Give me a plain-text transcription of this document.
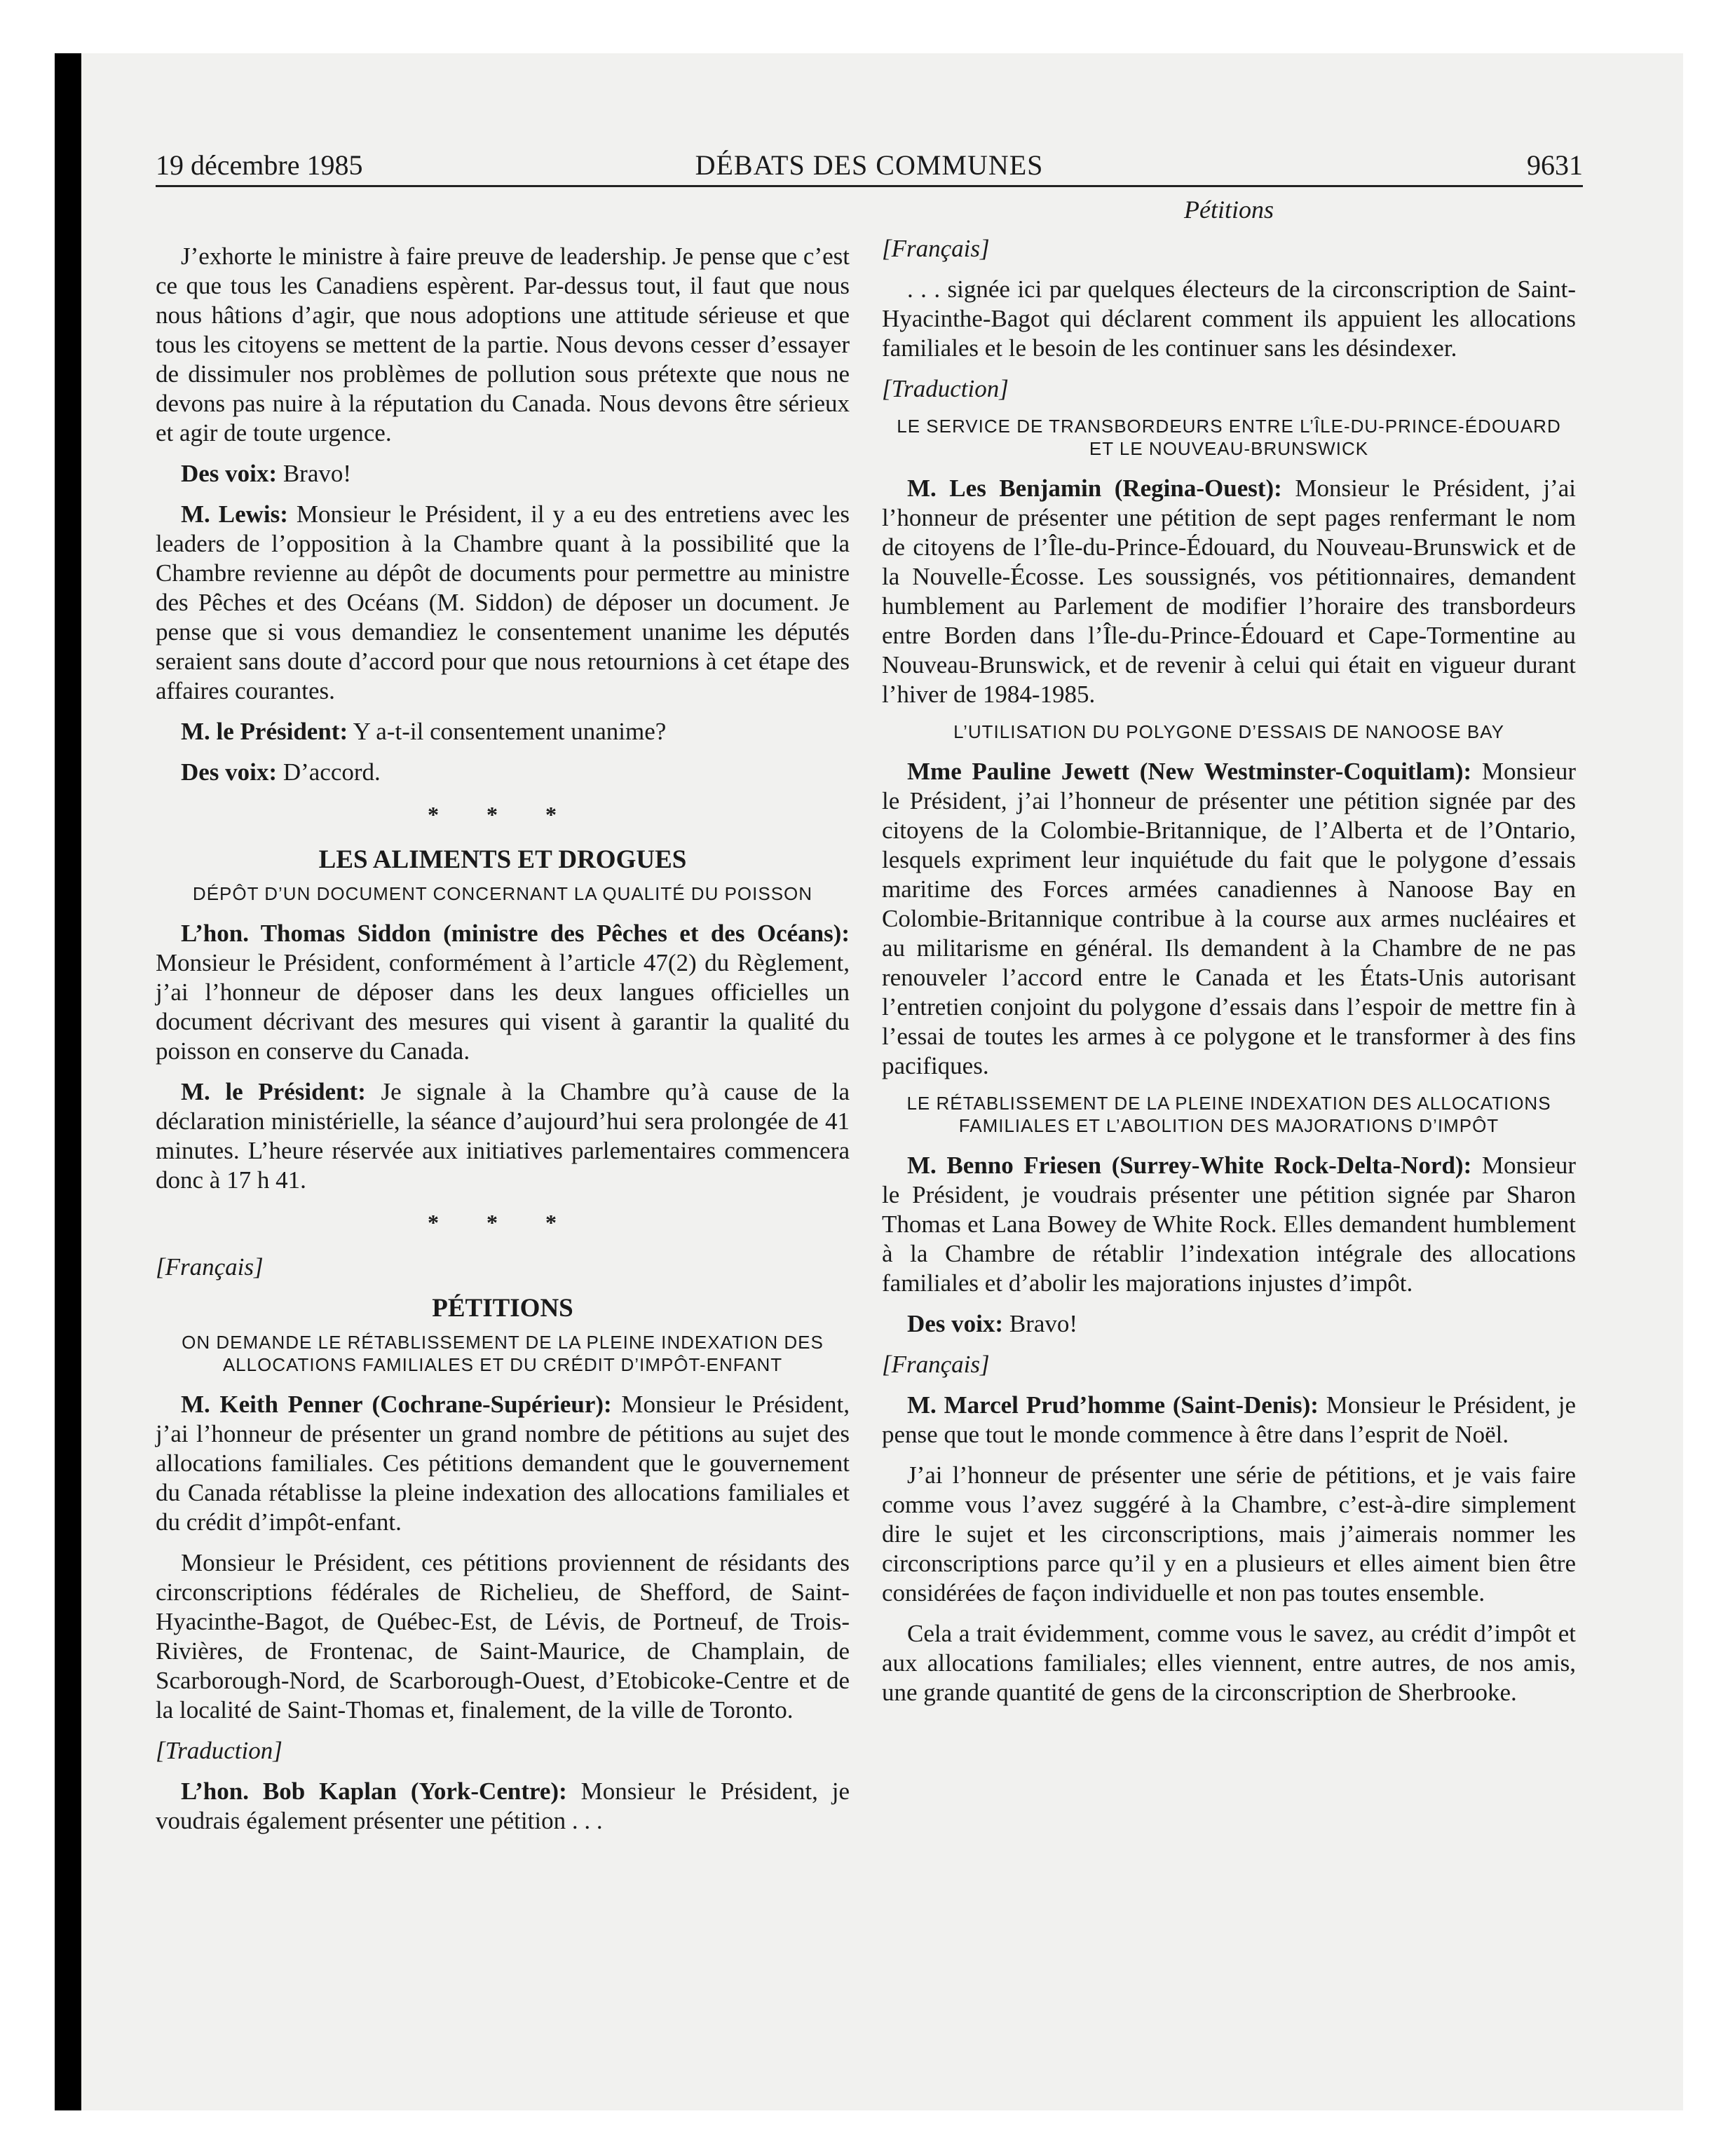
19 décembre 1985	DÉBATS DES COMMUNES	9631

J’exhorte le ministre à faire preuve de leadership. Je pense que c’est ce que tous les Canadiens espèrent. Par-dessus tout, il faut que nous nous hâtions d’agir, que nous adoptions une attitude sérieuse et que tous les citoyens se mettent de la partie. Nous devons cesser d’essayer de dissimuler nos problèmes de pollution sous prétexte que nous ne devons pas nuire à la réputation du Canada. Nous devons être sérieux et agir de toute urgence.

Des voix: Bravo!

M. Lewis: Monsieur le Président, il y a eu des entretiens avec les leaders de l’opposition à la Chambre quant à la possibilité que la Chambre revienne au dépôt de documents pour permettre au ministre des Pêches et des Océans (M. Siddon) de déposer un document. Je pense que si vous demandiez le consentement unanime les députés seraient sans doute d’accord pour que nous retournions à cet étape des affaires courantes.

M. le Président: Y a-t-il consentement unanime?

Des voix: D’accord.

* * *
LES ALIMENTS ET DROGUES
DÉPÔT D’UN DOCUMENT CONCERNANT LA QUALITÉ DU POISSON

L’hon. Thomas Siddon (ministre des Pêches et des Océans): Monsieur le Président, conformément à l’article 47(2) du Règlement, j’ai l’honneur de déposer dans les deux langues officielles un document décrivant des mesures qui visent à garantir la qualité du poisson en conserve du Canada.

M. le Président: Je signale à la Chambre qu’à cause de la déclaration ministérielle, la séance d’aujourd’hui sera prolongée de 41 minutes. L’heure réservée aux initiatives parlementaires commencera donc à 17 h 41.

* * *
[Français]
PÉTITIONS
ON DEMANDE LE RÉTABLISSEMENT DE LA PLEINE INDEXATION DES ALLOCATIONS FAMILIALES ET DU CRÉDIT D’IMPÔT-ENFANT

M. Keith Penner (Cochrane-Supérieur): Monsieur le Président, j’ai l’honneur de présenter un grand nombre de pétitions au sujet des allocations familiales. Ces pétitions demandent que le gouvernement du Canada rétablisse la pleine indexation des allocations familiales et du crédit d’impôt-enfant.

Monsieur le Président, ces pétitions proviennent de résidants des circonscriptions fédérales de Richelieu, de Shefford, de Saint-Hyacinthe-Bagot, de Québec-Est, de Lévis, de Portneuf, de Trois-Rivières, de Frontenac, de Saint-Maurice, de Champlain, de Scarborough-Nord, de Scarborough-Ouest, d’Etobicoke-Centre et de la localité de Saint-Thomas et, finalement, de la ville de Toronto.

[Traduction]

L’hon. Bob Kaplan (York-Centre): Monsieur le Président, je voudrais également présenter une pétition . . .

Pétitions
[Français]

. . . signée ici par quelques électeurs de la circonscription de Saint-Hyacinthe-Bagot qui déclarent comment ils appuient les allocations familiales et le besoin de les continuer sans les désindexer.

[Traduction]
LE SERVICE DE TRANSBORDEURS ENTRE L’ÎLE-DU-PRINCE-ÉDOUARD ET LE NOUVEAU-BRUNSWICK

M. Les Benjamin (Regina-Ouest): Monsieur le Président, j’ai l’honneur de présenter une pétition de sept pages renfermant le nom de citoyens de l’Île-du-Prince-Édouard, du Nouveau-Brunswick et de la Nouvelle-Écosse. Les soussignés, vos pétitionnaires, demandent humblement au Parlement de modifier l’horaire des transbordeurs entre Borden dans l’Île-du-Prince-Édouard et Cape-Tormentine au Nouveau-Brunswick, et de revenir à celui qui était en vigueur durant l’hiver de 1984-1985.

L’UTILISATION DU POLYGONE D’ESSAIS DE NANOOSE BAY

Mme Pauline Jewett (New Westminster-Coquitlam): Monsieur le Président, j’ai l’honneur de présenter une pétition signée par des citoyens de la Colombie-Britannique, de l’Alberta et de l’Ontario, lesquels expriment leur inquiétude du fait que le polygone d’essais maritime des Forces armées canadiennes à Nanoose Bay en Colombie-Britannique contribue à la course aux armes nucléaires et au militarisme en général. Ils demandent à la Chambre de ne pas renouveler l’accord entre le Canada et les États-Unis autorisant l’entretien conjoint du polygone d’essais dans l’espoir de mettre fin à l’essai de toutes les armes à ce polygone et le transformer à des fins pacifiques.

LE RÉTABLISSEMENT DE LA PLEINE INDEXATION DES ALLOCATIONS FAMILIALES ET L’ABOLITION DES MAJORATIONS D’IMPÔT

M. Benno Friesen (Surrey-White Rock-Delta-Nord): Monsieur le Président, je voudrais présenter une pétition signée par Sharon Thomas et Lana Bowey de White Rock. Elles demandent humblement à la Chambre de rétablir l’indexation intégrale des allocations familiales et d’abolir les majorations injustes d’impôt.

Des voix: Bravo!

[Français]

M. Marcel Prud’homme (Saint-Denis): Monsieur le Président, je pense que tout le monde commence à être dans l’esprit de Noël.

J’ai l’honneur de présenter une série de pétitions, et je vais faire comme vous l’avez suggéré à la Chambre, c’est-à-dire simplement dire le sujet et les circonscriptions, mais j’aimerais nommer les circonscriptions parce qu’il y en a plusieurs et elles aiment bien être considérées de façon individuelle et non pas toutes ensemble.

Cela a trait évidemment, comme vous le savez, au crédit d’impôt et aux allocations familiales; elles viennent, entre autres, de nos amis, une grande quantité de gens de la circonscription de Sherbrooke.
